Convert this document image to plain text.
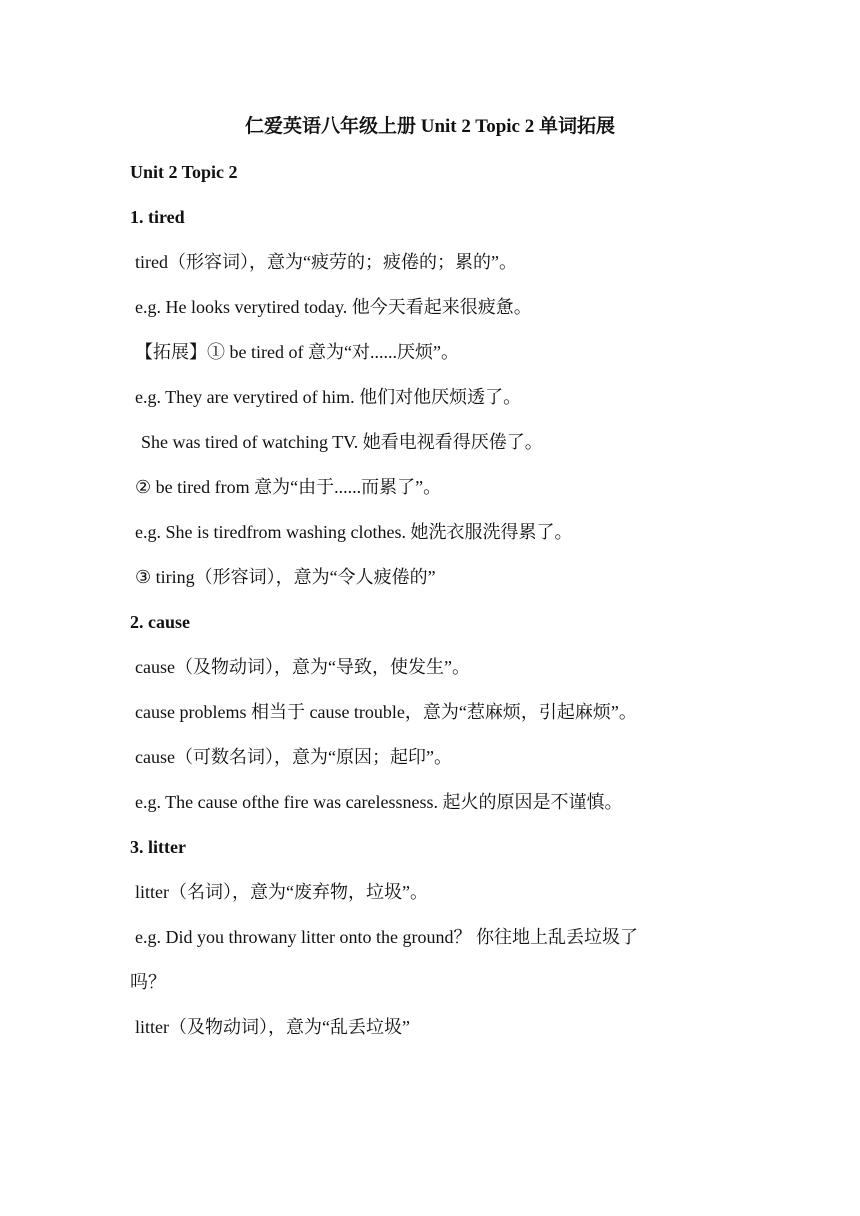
仁爱英语八年级上册 Unit 2 Topic 2 单词拓展
Unit 2 Topic 2
1. tired
tired（形容词），意为“疲劳的；疲倦的；累的”。
e.g. He looks verytired today. 他今天看起来很疲惫。
【拓展】① be tired of 意为“对......厌烦”。
e.g. They are verytired of him. 他们对他厌烦透了。
She was tired of watching TV. 她看电视看得厌倦了。
② be tired from 意为“由于......而累了”。
e.g. She is tiredfrom washing clothes. 她洗衣服洗得累了。
③ tiring（形容词），意为“令人疲倦的”
2. cause
cause（及物动词），意为“导致，使发生”。
cause problems 相当于 cause trouble，意为“惹麻烦，引起麻烦”。
cause（可数名词），意为“原因；起印”。
e.g. The cause ofthe fire was carelessness. 起火的原因是不谨慎。
3. litter
litter（名词），意为“废弃物，垃圾”。
e.g. Did you throwany litter onto the ground？ 你往地上乱丢垃圾了
吗？
litter（及物动词），意为“乱丢垃圾”
